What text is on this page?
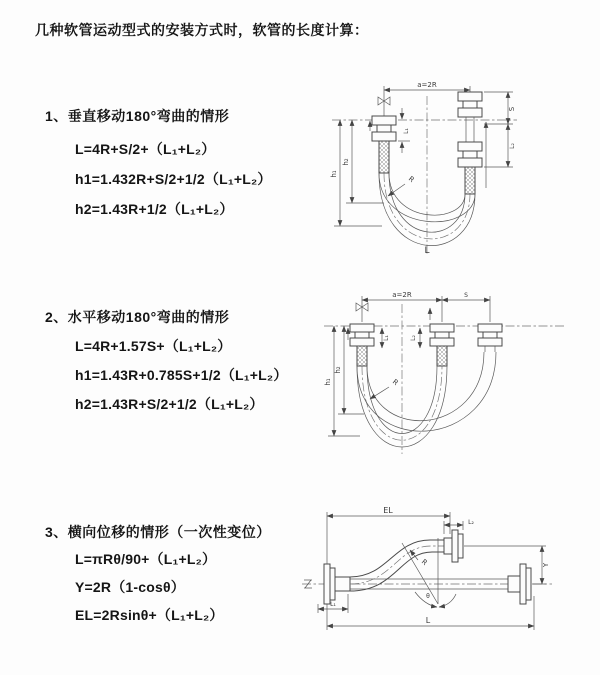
几种软管运动型式的安装方式时，软管的长度计算：
1、垂直移动180°弯曲的情形
L=4R+S/2+（L₁+L₂）
h1=1.432R+S/2+1/2（L₁+L₂）
h2=1.43R+1/2（L₁+L₂）
2、水平移动180°弯曲的情形
L=4R+1.57S+（L₁+L₂）
h1=1.43R+0.785S+1/2（L₁+L₂）
h2=1.43R+S/2+1/2（L₁+L₂）
3、横向位移的情形（一次性变位）
L=πRθ/90+（L₁+L₂）
Y=2R（1-cosθ）
EL=2Rsinθ+（L₁+L₂）
a=2R
L₁
S
L₂
h₁
h₂
R
L
a=2R	S
L₁	L₂
h₁
h₂
R
EL
L₂
Y
L
L₁
R
θ
